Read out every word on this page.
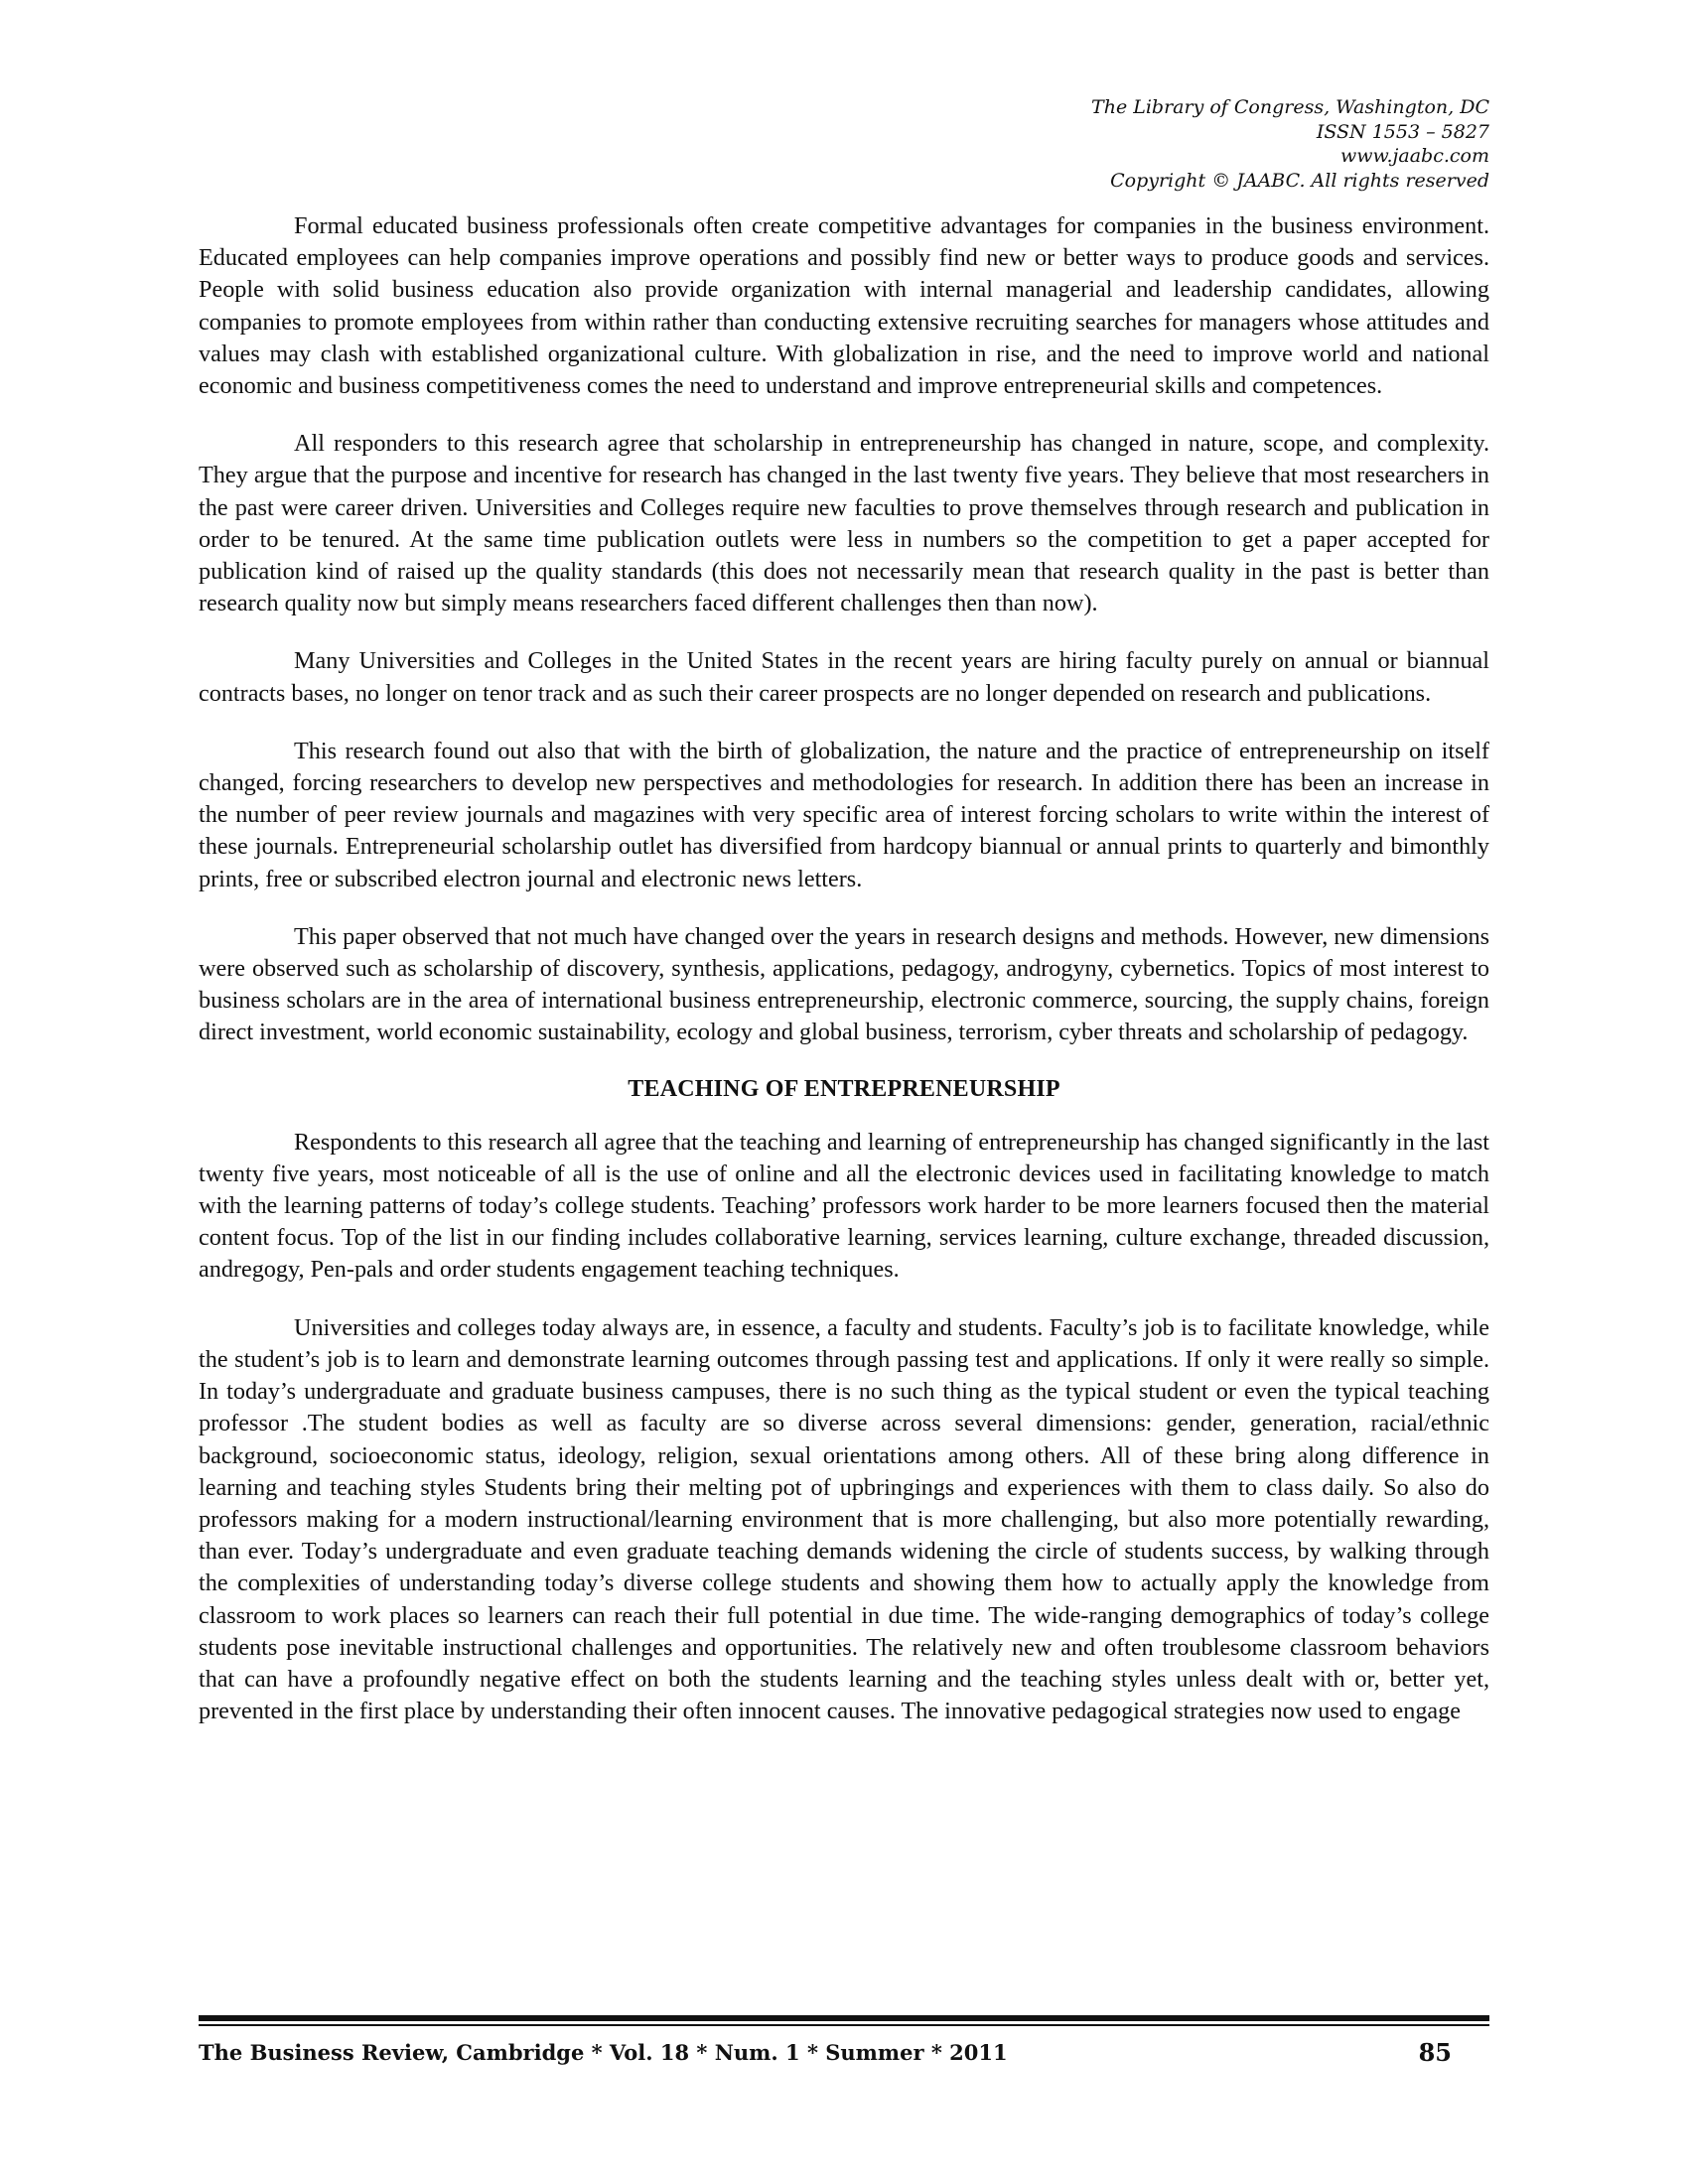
The Library of Congress, Washington, DC
ISSN 1553 – 5827
www.jaabc.com
Copyright © JAABC. All rights reserved

Formal educated business professionals often create competitive advantages for companies in the business environment. Educated employees can help companies improve operations and possibly find new or better ways to produce goods and services. People with solid business education also provide organization with internal managerial and leadership candidates, allowing companies to promote employees from within rather than conducting extensive recruiting searches for managers whose attitudes and values may clash with established organizational culture. With globalization in rise, and the need to improve world and national economic and business competitiveness comes the need to understand and improve entrepreneurial skills and competences.

All responders to this research agree that scholarship in entrepreneurship has changed in nature, scope, and complexity. They argue that the purpose and incentive for research has changed in the last twenty five years. They believe that most researchers in the past were career driven. Universities and Colleges require new faculties to prove themselves through research and publication in order to be tenured. At the same time publication outlets were less in numbers so the competition to get a paper accepted for publication kind of raised up the quality standards (this does not necessarily mean that research quality in the past is better than research quality now but simply means researchers faced different challenges then than now).

Many Universities and Colleges in the United States in the recent years are hiring faculty purely on annual or biannual contracts bases, no longer on tenor track and as such their career prospects are no longer depended on research and publications.

This research found out also that with the birth of globalization, the nature and the practice of entrepreneurship on itself changed, forcing researchers to develop new perspectives and methodologies for research. In addition there has been an increase in the number of peer review journals and magazines with very specific area of interest forcing scholars to write within the interest of these journals. Entrepreneurial scholarship outlet has diversified from hardcopy biannual or annual prints to quarterly and bimonthly prints, free or subscribed electron journal and electronic news letters.

This paper observed that not much have changed over the years in research designs and methods. However, new dimensions were observed such as scholarship of discovery, synthesis, applications, pedagogy, androgyny, cybernetics. Topics of most interest to business scholars are in the area of international business entrepreneurship, electronic commerce, sourcing, the supply chains, foreign direct investment, world economic sustainability, ecology and global business, terrorism, cyber threats and scholarship of pedagogy.

TEACHING OF ENTREPRENEURSHIP

Respondents to this research all agree that the teaching and learning of entrepreneurship has changed significantly in the last twenty five years, most noticeable of all is the use of online and all the electronic devices used in facilitating knowledge to match with the learning patterns of today’s college students. Teaching’ professors work harder to be more learners focused then the material content focus. Top of the list in our finding includes collaborative learning, services learning, culture exchange, threaded discussion, andregogy, Pen-pals and order students engagement teaching techniques.

Universities and colleges today always are, in essence, a faculty and students. Faculty’s job is to facilitate knowledge, while the student’s job is to learn and demonstrate learning outcomes through passing test and applications. If only it were really so simple. In today’s undergraduate and graduate business campuses, there is no such thing as the typical student or even the typical teaching professor .The student bodies as well as faculty are so diverse across several dimensions: gender, generation, racial/ethnic background, socioeconomic status, ideology, religion, sexual orientations among others. All of these bring along difference in learning and teaching styles Students bring their melting pot of upbringings and experiences with them to class daily. So also do professors making for a modern instructional/learning environment that is more challenging, but also more potentially rewarding, than ever. Today’s undergraduate and even graduate teaching demands widening the circle of students success, by walking through the complexities of understanding today’s diverse college students and showing them how to actually apply the knowledge from classroom to work places so learners can reach their full potential in due time. The wide-ranging demographics of today’s college students pose inevitable instructional challenges and opportunities. The relatively new and often troublesome classroom behaviors that can have a profoundly negative effect on both the students learning and the teaching styles unless dealt with or, better yet, prevented in the first place by understanding their often innocent causes. The innovative pedagogical strategies now used to engage

The Business Review, Cambridge * Vol. 18 * Num. 1 * Summer * 2011	85
